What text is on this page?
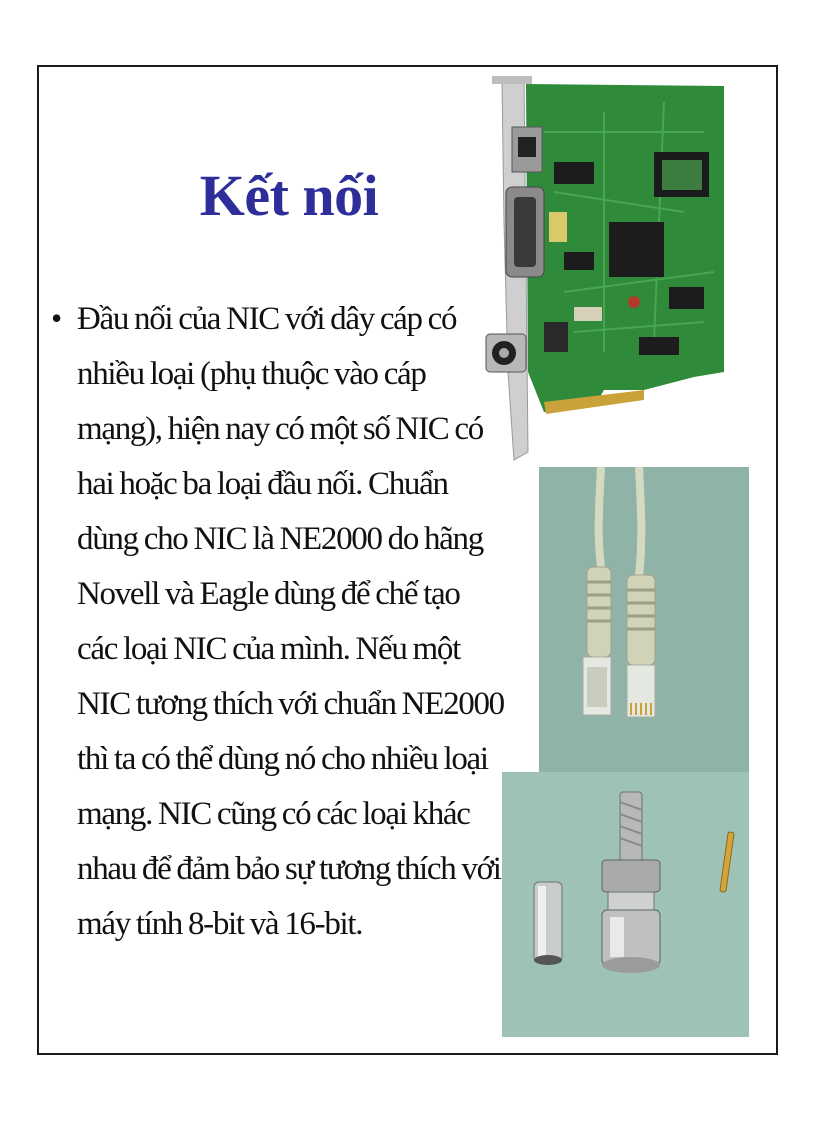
Kết nối
• Đầu nối của NIC với dây cáp có
nhiều loại (phụ thuộc vào cáp
mạng), hiện nay có một số NIC có
hai hoặc ba loại đầu nối. Chuẩn
dùng cho NIC là NE2000 do hãng
Novell và Eagle dùng để chế tạo
các loại NIC của mình. Nếu một
NIC tương thích với chuẩn NE2000
thì ta có thể dùng nó cho nhiều loại
mạng. NIC cũng có các loại khác
nhau để đảm bảo sự tương thích với
máy tính 8-bit và 16-bit.
